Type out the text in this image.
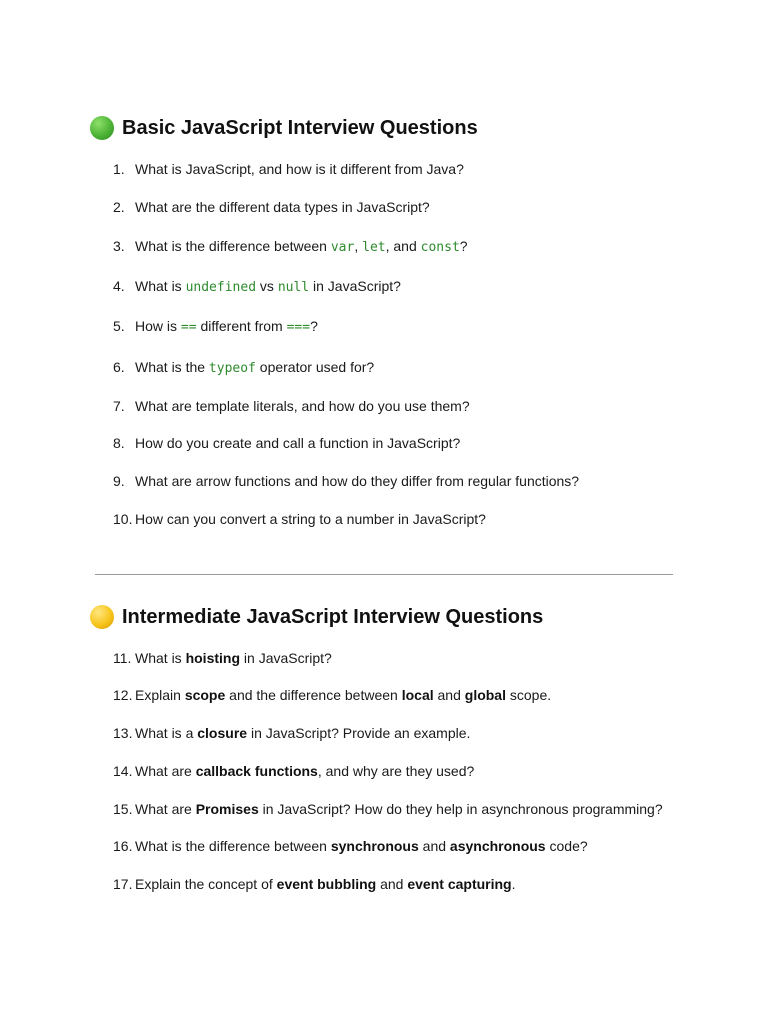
Basic JavaScript Interview Questions
1. What is JavaScript, and how is it different from Java?
2. What are the different data types in JavaScript?
3. What is the difference between var, let, and const?
4. What is undefined vs null in JavaScript?
5. How is == different from ===?
6. What is the typeof operator used for?
7. What are template literals, and how do you use them?
8. How do you create and call a function in JavaScript?
9. What are arrow functions and how do they differ from regular functions?
10. How can you convert a string to a number in JavaScript?
Intermediate JavaScript Interview Questions
11. What is hoisting in JavaScript?
12. Explain scope and the difference between local and global scope.
13. What is a closure in JavaScript? Provide an example.
14. What are callback functions, and why are they used?
15. What are Promises in JavaScript? How do they help in asynchronous programming?
16. What is the difference between synchronous and asynchronous code?
17. Explain the concept of event bubbling and event capturing.
